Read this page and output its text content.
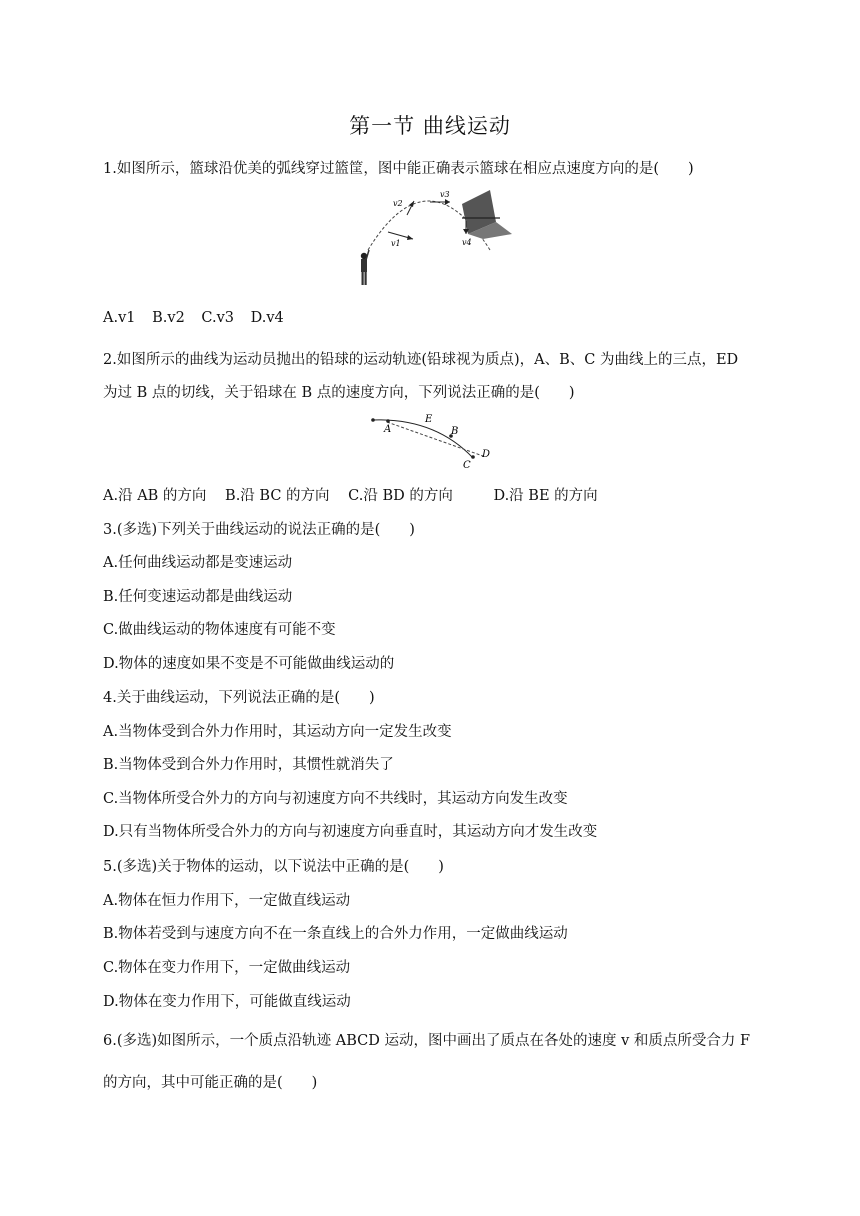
第一节 曲线运动
1.如图所示，篮球沿优美的弧线穿过篮筐，图中能正确表示篮球在相应点速度方向的是(　　)
v1
v2
v3
v4
A.v1 B.v2 C.v3 D.v4
2.如图所示的曲线为运动员抛出的铅球的运动轨迹(铅球视为质点)，A、B、C 为曲线上的三点，ED
为过 B 点的切线，关于铅球在 B 点的速度方向，下列说法正确的是(　　)
A
E
B
C
D
A.沿 AB 的方向 B.沿 BC 的方向 C.沿 BD 的方向	D.沿 BE 的方向
3.(多选)下列关于曲线运动的说法正确的是(　　)
A.任何曲线运动都是变速运动
B.任何变速运动都是曲线运动
C.做曲线运动的物体速度有可能不变
D.物体的速度如果不变是不可能做曲线运动的
4.关于曲线运动，下列说法正确的是(　　)
A.当物体受到合外力作用时，其运动方向一定发生改变
B.当物体受到合外力作用时，其惯性就消失了
C.当物体所受合外力的方向与初速度方向不共线时，其运动方向发生改变
D.只有当物体所受合外力的方向与初速度方向垂直时，其运动方向才发生改变
5.(多选)关于物体的运动，以下说法中正确的是(　　)
A.物体在恒力作用下，一定做直线运动
B.物体若受到与速度方向不在一条直线上的合外力作用，一定做曲线运动
C.物体在变力作用下，一定做曲线运动
D.物体在变力作用下，可能做直线运动
6.(多选)如图所示，一个质点沿轨迹 ABCD 运动，图中画出了质点在各处的速度 v 和质点所受合力 F
的方向，其中可能正确的是(　　)
